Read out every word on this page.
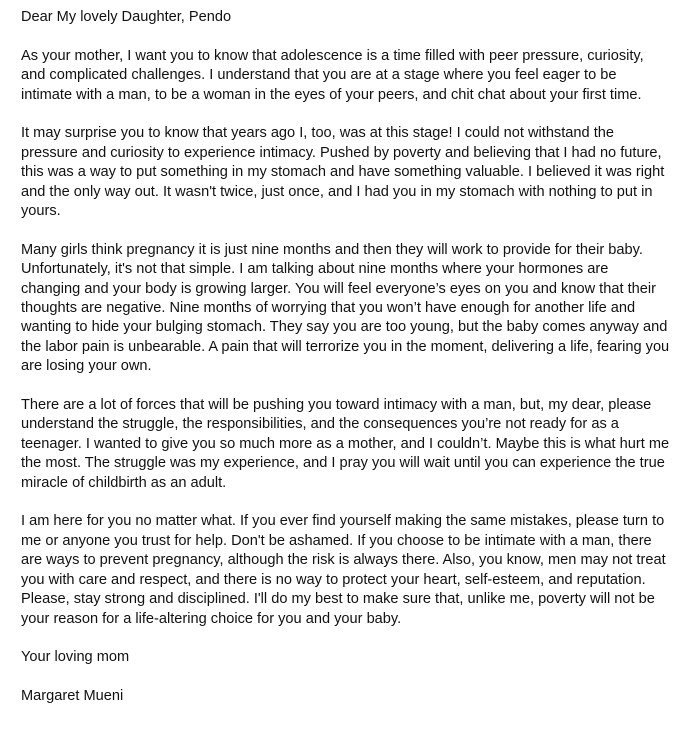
Dear My lovely Daughter, Pendo

As your mother, I want you to know that adolescence is a time filled with peer pressure, curiosity, and complicated challenges. I understand that you are at a stage where you feel eager to be intimate with a man, to be a woman in the eyes of your peers, and chit chat about your first time.

It may surprise you to know that years ago I, too, was at this stage! I could not withstand the pressure and curiosity to experience intimacy. Pushed by poverty and believing that I had no future, this was a way to put something in my stomach and have something valuable. I believed it was right and the only way out. It wasn't twice, just once, and I had you in my stomach with nothing to put in yours.

Many girls think pregnancy it is just nine months and then they will work to provide for their baby. Unfortunately, it's not that simple. I am talking about nine months where your hormones are changing and your body is growing larger. You will feel everyone’s eyes on you and know that their thoughts are negative. Nine months of worrying that you won’t have enough for another life and wanting to hide your bulging stomach. They say you are too young, but the baby comes anyway and the labor pain is unbearable. A pain that will terrorize you in the moment, delivering a life, fearing you are losing your own.

There are a lot of forces that will be pushing you toward intimacy with a man, but, my dear, please understand the struggle, the responsibilities, and the consequences you’re not ready for as a teenager. I wanted to give you so much more as a mother, and I couldn’t. Maybe this is what hurt me the most. The struggle was my experience, and I pray you will wait until you can experience the true miracle of childbirth as an adult.

I am here for you no matter what. If you ever find yourself making the same mistakes, please turn to me or anyone you trust for help. Don't be ashamed. If you choose to be intimate with a man, there are ways to prevent pregnancy, although the risk is always there. Also, you know, men may not treat you with care and respect, and there is no way to protect your heart, self-esteem, and reputation. Please, stay strong and disciplined. I'll do my best to make sure that, unlike me, poverty will not be your reason for a life-altering choice for you and your baby.

Your loving mom

Margaret Mueni
